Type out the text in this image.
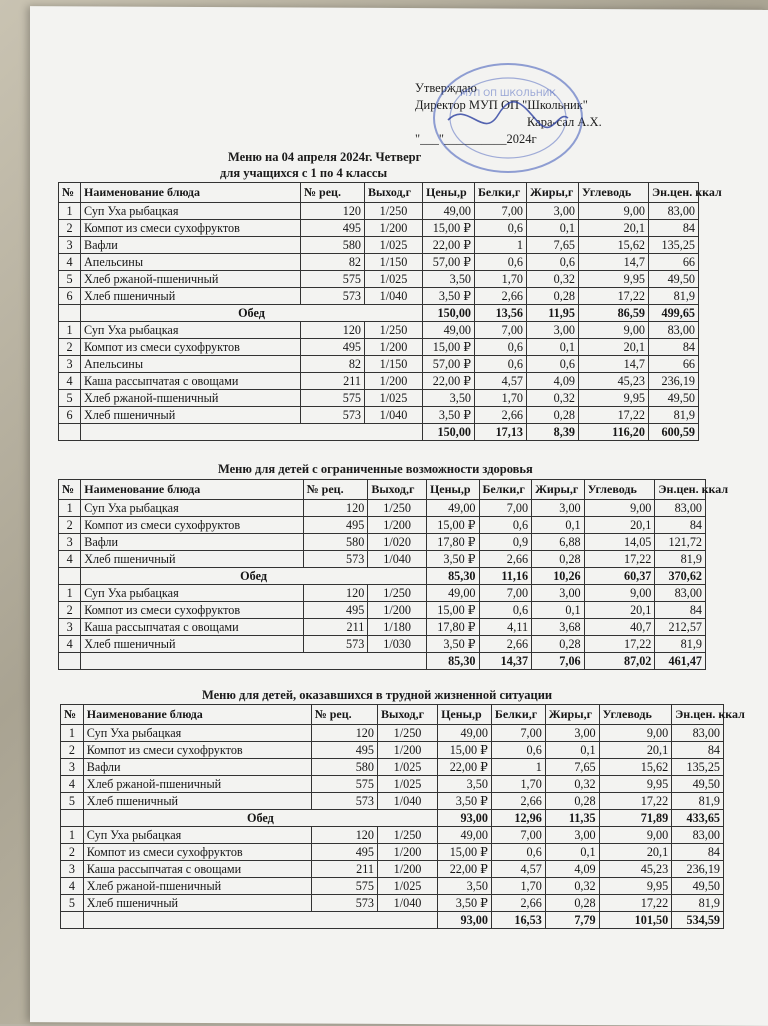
Утверждаю
Директор МУП ОП "Школьник"
Кара-сал А.Х.
"___"__________2024г
МУП ОП ШКОЛЬНИК
Меню на 04 апреля 2024г. Четверг
для учащихся с 1 по 4 классы
№	Наименование блюда	№ рец.	Выход,г	Цены,р	Белки,г	Жиры,г	Углеводь	Эн.цен. ккал
1	Суп Уха рыбацкая	120	1/250	49,00	7,00	3,00	9,00	83,00
2	Компот из смеси сухофруктов	495	1/200	15,00 ₽	0,6	0,1	20,1	84
3	Вафли	580	1/025	22,00 ₽	1	7,65	15,62	135,25
4	Апельсины	82	1/150	57,00 ₽	0,6	0,6	14,7	66
5	Хлеб ржаной-пшеничный	575	1/025	3,50	1,70	0,32	9,95	49,50
6	Хлеб пшеничный	573	1/040	3,50 ₽	2,66	0,28	17,22	81,9
	Обед			150,00	13,56	11,95	86,59	499,65
1	Суп Уха рыбацкая	120	1/250	49,00	7,00	3,00	9,00	83,00
2	Компот из смеси сухофруктов	495	1/200	15,00 ₽	0,6	0,1	20,1	84
3	Апельсины	82	1/150	57,00 ₽	0,6	0,6	14,7	66
4	Каша рассыпчатая с овощами	211	1/200	22,00 ₽	4,57	4,09	45,23	236,19
5	Хлеб ржаной-пшеничный	575	1/025	3,50	1,70	0,32	9,95	49,50
6	Хлеб пшеничный	573	1/040	3,50 ₽	2,66	0,28	17,22	81,9
				150,00	17,13	8,39	116,20	600,59
Меню для детей с ограниченные возможности здоровья
№	Наименование блюда	№ рец.	Выход,г	Цены,р	Белки,г	Жиры,г	Углеводь	Эн.цен. ккал
1	Суп Уха рыбацкая	120	1/250	49,00	7,00	3,00	9,00	83,00
2	Компот из смеси сухофруктов	495	1/200	15,00 ₽	0,6	0,1	20,1	84
3	Вафли	580	1/020	17,80 ₽	0,9	6,88	14,05	121,72
4	Хлеб пшеничный	573	1/040	3,50 ₽	2,66	0,28	17,22	81,9
	Обед			85,30	11,16	10,26	60,37	370,62
1	Суп Уха рыбацкая	120	1/250	49,00	7,00	3,00	9,00	83,00
2	Компот из смеси сухофруктов	495	1/200	15,00 ₽	0,6	0,1	20,1	84
3	Каша рассыпчатая с овощами	211	1/180	17,80 ₽	4,11	3,68	40,7	212,57
4	Хлеб пшеничный	573	1/030	3,50 ₽	2,66	0,28	17,22	81,9
				85,30	14,37	7,06	87,02	461,47
Меню для детей, оказавшихся в трудной жизненной ситуации
№	Наименование блюда	№ рец.	Выход,г	Цены,р	Белки,г	Жиры,г	Углеводь	Эн.цен. ккал
1	Суп Уха рыбацкая	120	1/250	49,00	7,00	3,00	9,00	83,00
2	Компот из смеси сухофруктов	495	1/200	15,00 ₽	0,6	0,1	20,1	84
3	Вафли	580	1/025	22,00 ₽	1	7,65	15,62	135,25
4	Хлеб ржаной-пшеничный	575	1/025	3,50	1,70	0,32	9,95	49,50
5	Хлеб пшеничный	573	1/040	3,50 ₽	2,66	0,28	17,22	81,9
	Обед			93,00	12,96	11,35	71,89	433,65
1	Суп Уха рыбацкая	120	1/250	49,00	7,00	3,00	9,00	83,00
2	Компот из смеси сухофруктов	495	1/200	15,00 ₽	0,6	0,1	20,1	84
3	Каша рассыпчатая с овощами	211	1/200	22,00 ₽	4,57	4,09	45,23	236,19
4	Хлеб ржаной-пшеничный	575	1/025	3,50	1,70	0,32	9,95	49,50
5	Хлеб пшеничный	573	1/040	3,50 ₽	2,66	0,28	17,22	81,9
				93,00	16,53	7,79	101,50	534,59
